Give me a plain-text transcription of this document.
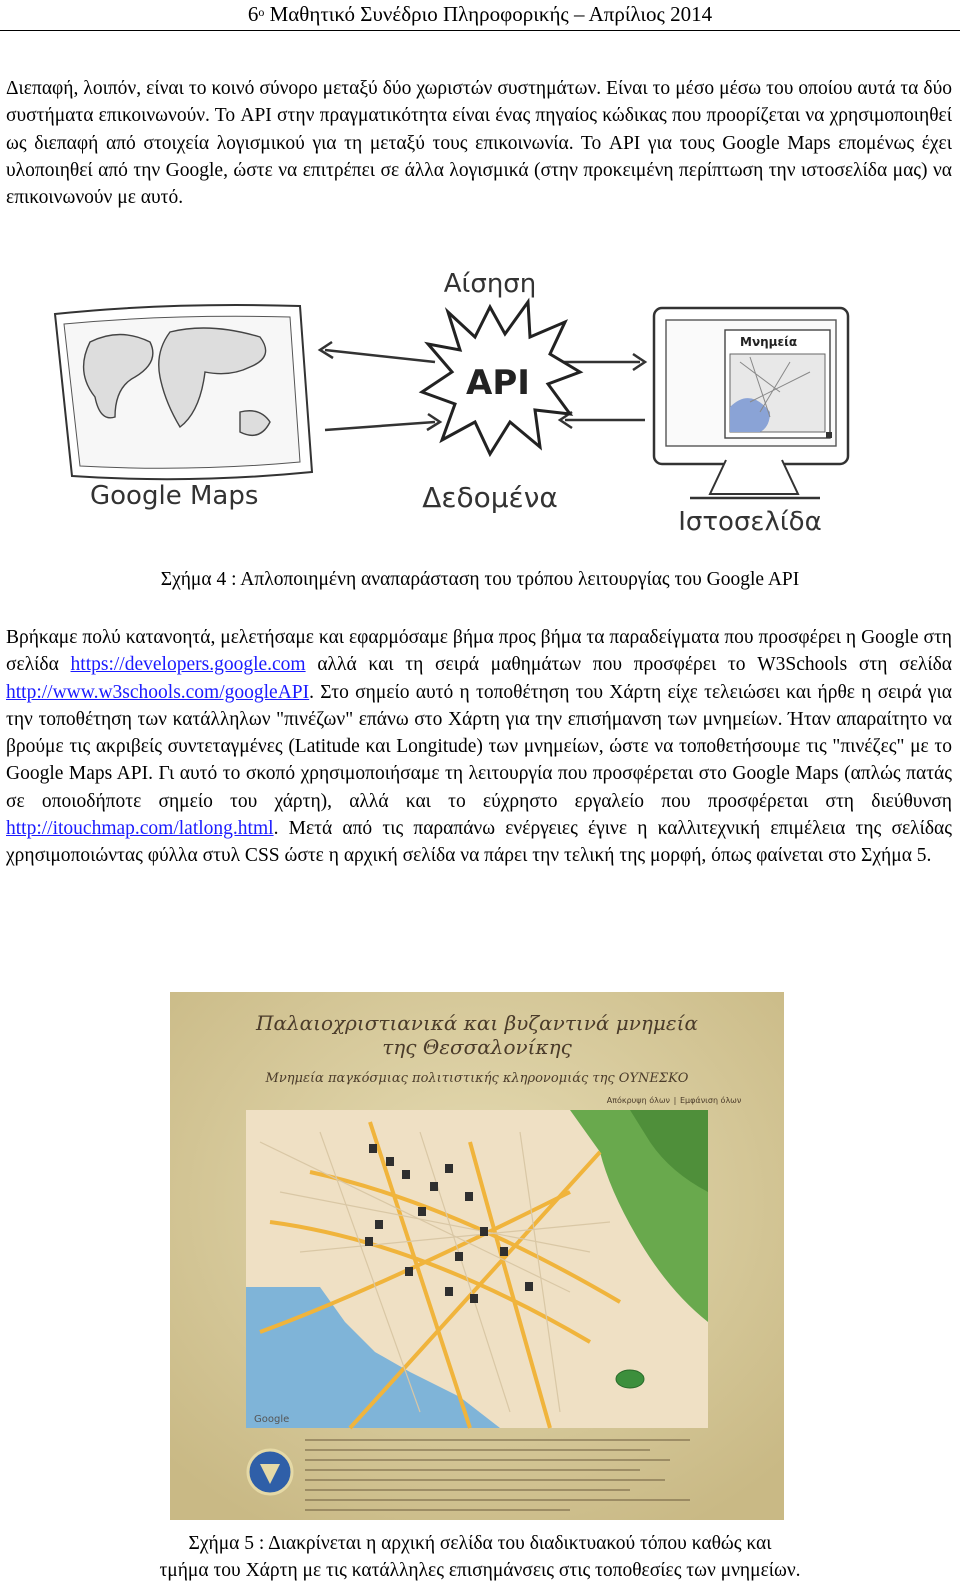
$6^o$ Μαθητικό Συνέδριο Πληροφορικής – Απρίλιος 2014

Διεπαφή, λοιπόν, είναι το κοινό σύνορο μεταξύ δύο χωριστών συστημάτων. Είναι το μέσο μέσω του οποίου αυτά τα δύο συστήματα επικοινωνούν. Το API στην πραγματικότητα είναι ένας πηγαίος κώδικας που προορίζεται να χρησιμοποιηθεί ως διεπαφή από στοιχεία λογισμικού για τη μεταξύ τους επικοινωνία. Το API για τους Google Maps επομένως έχει υλοποιηθεί από την Google, ώστε να επιτρέπει σε άλλα λογισμικά (στην προκειμένη περίπτωση την ιστοσελίδα μας) να επικοινωνούν με αυτό.

Google Maps
API
Αίσηση
Δεδομένα
Μνημεία
Ιστοσελίδα

Σχήμα 4 : Απλοποιημένη αναπαράσταση του τρόπου λειτουργίας του Google API

Βρήκαμε πολύ κατανοητά, μελετήσαμε και εφαρμόσαμε βήμα προς βήμα τα παραδείγματα που προσφέρει η Google στη σελίδα https://developers.google.com αλλά και τη σειρά μαθημάτων που προσφέρει το W3Schools στη σελίδα http://www.w3schools.com/googleAPI. Στο σημείο αυτό η τοποθέτηση του Χάρτη είχε τελειώσει και ήρθε η σειρά για την τοποθέτηση των κατάλληλων "πινέζων" επάνω στο Χάρτη για την επισήμανση των μνημείων. Ήταν απαραίτητο να βρούμε τις ακριβείς συντεταγμένες (Latitude και Longitude) των μνημείων, ώστε να τοποθετήσουμε τις "πινέζες" με το Google Maps API. Γι αυτό το σκοπό χρησιμοποιήσαμε τη λειτουργία που προσφέρεται στο Google Maps (απλώς πατάς σε οποιοδήποτε σημείο του χάρτη), αλλά και το εύχρηστο εργαλείο που προσφέρεται στη διεύθυνση http://itouchmap.com/latlong.html. Μετά από τις παραπάνω ενέργειες έγινε η καλλιτεχνική επιμέλεια της σελίδας χρησιμοποιώντας φύλλα στυλ CSS ώστε η αρχική σελίδα να πάρει την τελική της μορφή, όπως φαίνεται στο Σχήμα 5.

Παλαιοχριστιανικά και βυζαντινά μνημεία
της Θεσσαλονίκης
Μνημεία παγκόσμιας πολιτιστικής κληρονομιάς της ΟΥΝΕΣΚΟ
Απόκρυψη όλων | Εμφάνιση όλων
Google

Σχήμα 5 : Διακρίνεται η αρχική σελίδα του διαδικτυακού τόπου καθώς και

τμήμα του Χάρτη με τις κατάλληλες επισημάνσεις στις τοποθεσίες των μνημείων.
